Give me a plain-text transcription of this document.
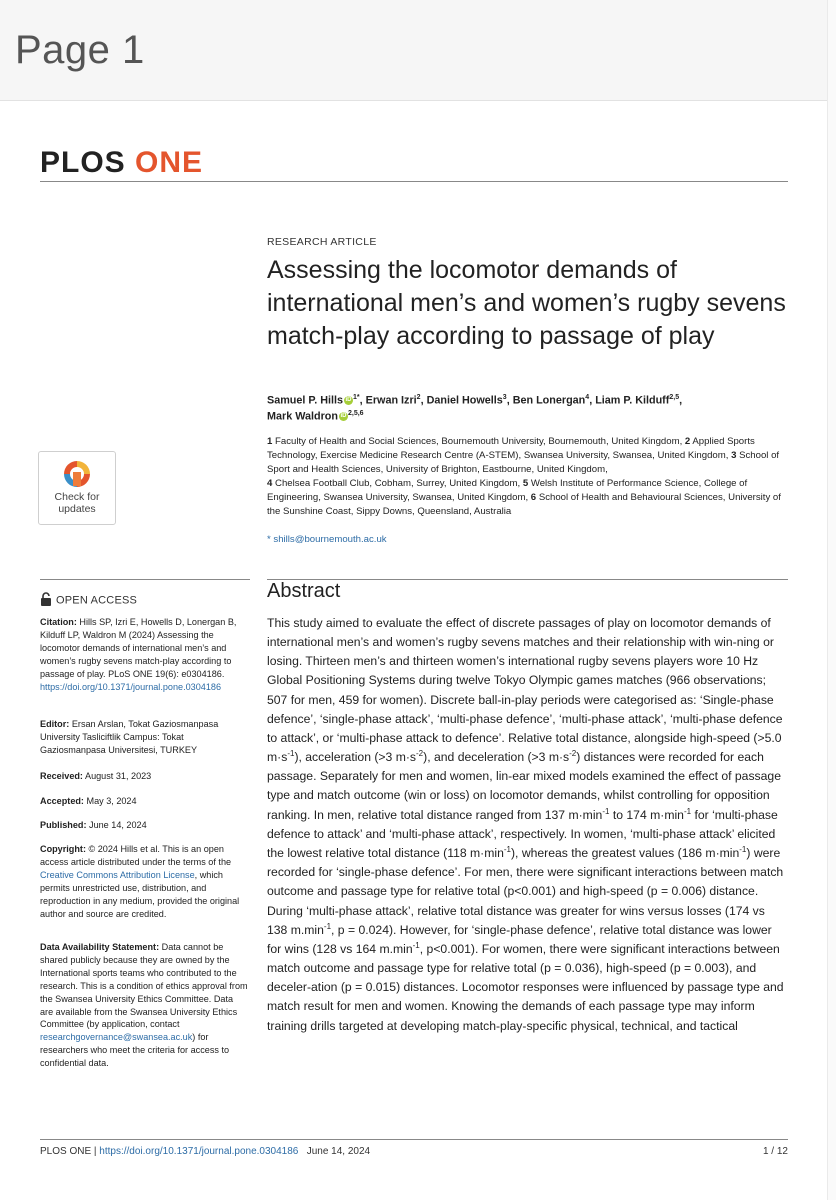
Page 1
PLOS ONE
RESEARCH ARTICLE
Assessing the locomotor demands of international men’s and women’s rugby sevens match-play according to passage of play
Samuel P. Hills iD $^{1*}$, Erwan Izri$^2$, Daniel Howells$^3$, Ben Lonergan$^4$, Liam P. Kilduff$^{2,5}$,
Mark Waldron iD $^{2,5,6}$
1 Faculty of Health and Social Sciences, Bournemouth University, Bournemouth, United Kingdom, 2 Applied Sports Technology, Exercise Medicine Research Centre (A-STEM), Swansea University, Swansea, United Kingdom, 3 School of Sport and Health Sciences, University of Brighton, Eastbourne, United Kingdom,
4 Chelsea Football Club, Cobham, Surrey, United Kingdom, 5 Welsh Institute of Performance Science, College of Engineering, Swansea University, Swansea, United Kingdom, 6 School of Health and Behavioural Sciences, University of the Sunshine Coast, Sippy Downs, Queensland, Australia
* shills@bournemouth.ac.uk
Check for
updates
OPEN ACCESS
Citation: Hills SP, Izri E, Howells D, Lonergan B, Kilduff LP, Waldron M (2024) Assessing the locomotor demands of international men’s and women’s rugby sevens match-play according to passage of play. PLoS ONE 19(6): e0304186. https://doi.org/10.1371/journal.pone.0304186
Editor: Ersan Arslan, Tokat Gaziosmanpasa University Tasliciftlik Campus: Tokat Gaziosmanpasa Universitesi, TURKEY
Received: August 31, 2023
Accepted: May 3, 2024
Published: June 14, 2024
Copyright: © 2024 Hills et al. This is an open access article distributed under the terms of the Creative Commons Attribution License, which permits unrestricted use, distribution, and reproduction in any medium, provided the original author and source are credited.
Data Availability Statement: Data cannot be shared publicly because they are owned by the International sports teams who contributed to the research. This is a condition of ethics approval from the Swansea University Ethics Committee. Data are available from the Swansea University Ethics Committee (by application, contact researchgovernance@swansea.ac.uk) for researchers who meet the criteria for access to confidential data.
Abstract
This study aimed to evaluate the effect of discrete passages of play on locomotor demands of international men’s and women’s rugby sevens matches and their relationship with win-ning or losing. Thirteen men’s and thirteen women’s international rugby sevens players wore 10 Hz Global Positioning Systems during twelve Tokyo Olympic games matches (966 observations; 507 for men, 459 for women). Discrete ball-in-play periods were categorised as: ‘Single-phase defence’, ‘single-phase attack’, ‘multi-phase defence’, ‘multi-phase attack’, ‘multi-phase defence to attack’, or ‘multi-phase attack to defence’. Relative total distance, alongside high-speed (>5.0 $m\cdot s^{-1}$), acceleration (>3 $m\cdot s^{-2}$), and deceleration (>3 $m\cdot s^{-2}$) distances were recorded for each passage. Separately for men and women, lin-ear mixed models examined the effect of passage type and match outcome (win or loss) on locomotor demands, whilst controlling for opposition ranking. In men, relative total distance ranged from 137 $m\cdot\min^{-1}$ to 174 $m\cdot\min^{-1}$ for ‘multi-phase defence to attack’ and ‘multi-phase attack’, respectively. In women, ‘multi-phase attack’ elicited the lowest relative total distance (118 $m\cdot\min^{-1}$), whereas the greatest values (186 $m\cdot\min^{-1}$) were recorded for ‘single-phase defence’. For men, there were significant interactions between match outcome and passage type for relative total (p<0.001) and high-speed (p = 0.006) distance. During ‘multi-phase attack’, relative total distance was greater for wins versus losses (174 vs 138 $m.\min^{-1}$, p = 0.024). However, for ‘single-phase defence’, relative total distance was lower for wins (128 vs 164 $m.\min^{-1}$, p<0.001). For women, there were significant interactions between match outcome and passage type for relative total (p = 0.036), high-speed (p = 0.003), and deceler-ation (p = 0.015) distances. Locomotor responses were influenced by passage type and match result for men and women. Knowing the demands of each passage type may inform training drills targeted at developing match-play-specific physical, technical, and tactical
PLOS ONE | https://doi.org/10.1371/journal.pone.0304186 June 14, 2024	1 / 12
